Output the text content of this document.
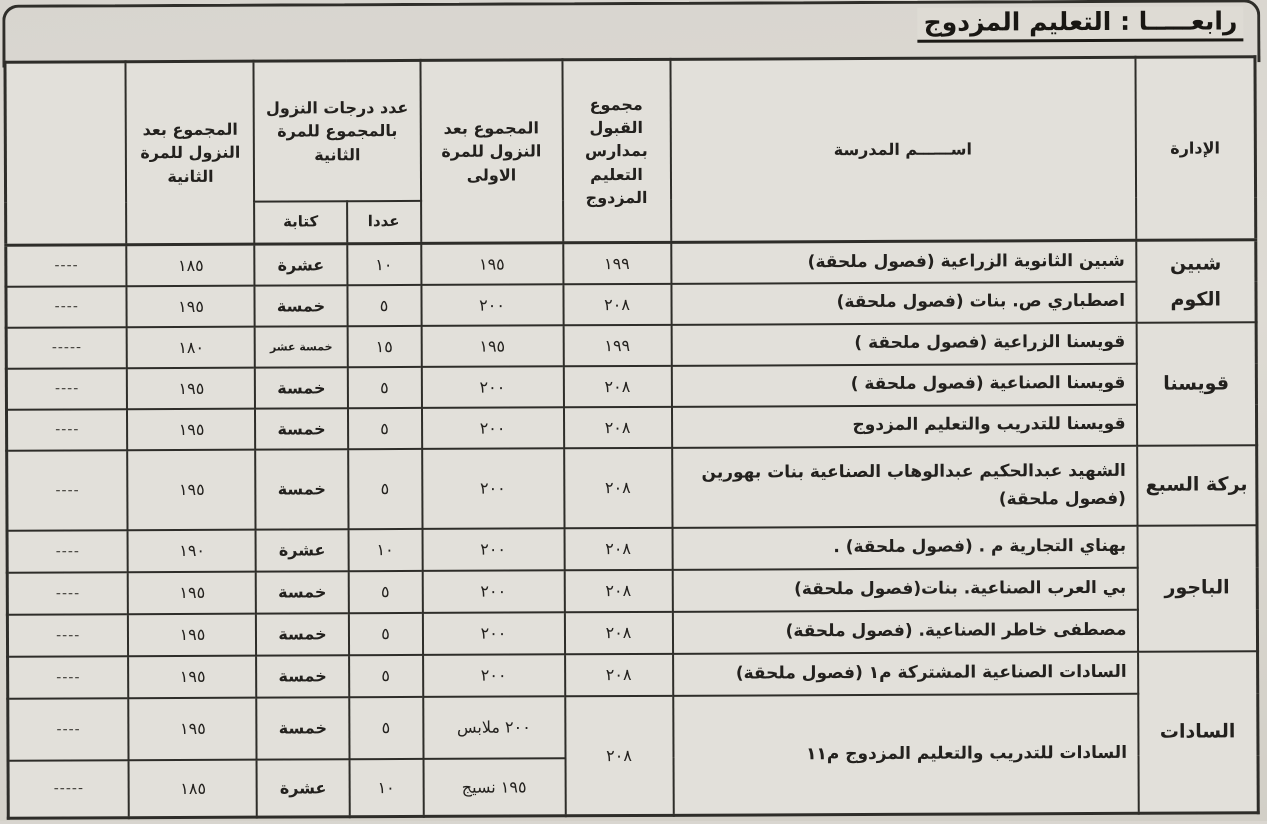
رابعـــــا : التعليم المزدوج
الإدارة	اســــــم المدرسة	مجموع القبول بمدارس التعليم المزدوج	المجموع بعد النزول للمرة الاولى	عدد درجات النزول بالمجموع للمرة الثانية		المجموع بعد النزول للمرة الثانية	
				عددا	كتابة		
شبين الكوم	شبين الثانوية الزراعية (فصول ملحقة)	١٩٩	١٩٥	١٠	عشرة	١٨٥	----
	اصطباري ص. بنات (فصول ملحقة)	٢٠٨	٢٠٠	٥	خمسة	١٩٥	----
قويسنا	قويسنا الزراعية (فصول ملحقة )	١٩٩	١٩٥	١٥	خمسة عشر	١٨٠	-----
	قويسنا الصناعية (فصول ملحقة )	٢٠٨	٢٠٠	٥	خمسة	١٩٥	----
	قويسنا للتدريب والتعليم المزدوج	٢٠٨	٢٠٠	٥	خمسة	١٩٥	----
بركة السبع	الشهيد عبدالحكيم عبدالوهاب الصناعية بنات بهورين (فصول ملحقة)	٢٠٨	٢٠٠	٥	خمسة	١٩٥	----
الباجور	بهناي التجارية م . (فصول ملحقة) .	٢٠٨	٢٠٠	١٠	عشرة	١٩٠	----
	بي العرب الصناعية. بنات(فصول ملحقة)	٢٠٨	٢٠٠	٥	خمسة	١٩٥	----
	مصطفى خاطر الصناعية. (فصول ملحقة)	٢٠٨	٢٠٠	٥	خمسة	١٩٥	----
السادات	السادات الصناعية المشتركة م١ (فصول ملحقة)	٢٠٨	٢٠٠	٥	خمسة	١٩٥	----
	السادات للتدريب والتعليم المزدوج م١١	٢٠٨	٢٠٠ ملابس	٥	خمسة	١٩٥	----
			١٩٥ نسيج	١٠	عشرة	١٨٥	-----
